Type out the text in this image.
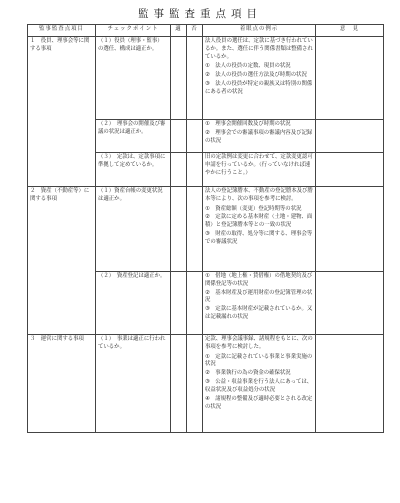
監事監査重点項目
監事監査点項目	チェックポイント	適	否	着眼点の例示	意　見
１　役員、理事会等に関する事項	（１）役員（理事・監事）の選任、構成は適正か。			法人役員の選任は、定款に基づき行われているか。また、選任に伴う関係書類は整備されているか。
①　法人の役員の定数、現員の状況
②　法人の役員の選任方法及び時期の状況
③　法人の役員が特定の親族又は特別の関係にある者の状況	

	（２）　理事会の開催及び審議の状況は適正か。			①　理事会開催回数及び時期の状況
②　理事会での審議事項の審議内容及び記録の状況	

	（３）　定款は、定款事項に準拠して定めているか。			旧の定款例は変更に合わせて、定款変更認可申請を行っているか。（行っていなければ速やかに行うこと。）	

２　資産（不動産等）に関する事項	（１）資産台帳の変更状況は適正か。			法人の登記簿謄本、不動産の登記謄本及び謄本等により、次の事項を参考に検討。
①　資産総額（変更）登記時期等の状況
②　定款に定める基本財産（土地・建物、面積）と登記簿謄本等との一致の状況
③　財産の取得、処分等に関する、理事会等での審議状況	

	（２）　資産登記は適正か。			①　借地（地上権・賃借権）の借地契約及び関係登記等の状況
②　基本財産及び運用財産の登記簿管理の状況
③　定款に基本財産が記載されているか。又は記載漏れの状況	

３　運営に関する事項	（１）　事業は適正に行われているか。			定款、理事会議事録、諸規程をもとに、次の事項を参考に検討した。
①　定款に記載されている事業と事業実施の状況
②　事業執行の為の資金の確保状況
③　公益・収益事業を行う法人にあっては、収益状況及び収益処分の状況
④　諸規程の整備及び適時必要とされる改定の状況	
